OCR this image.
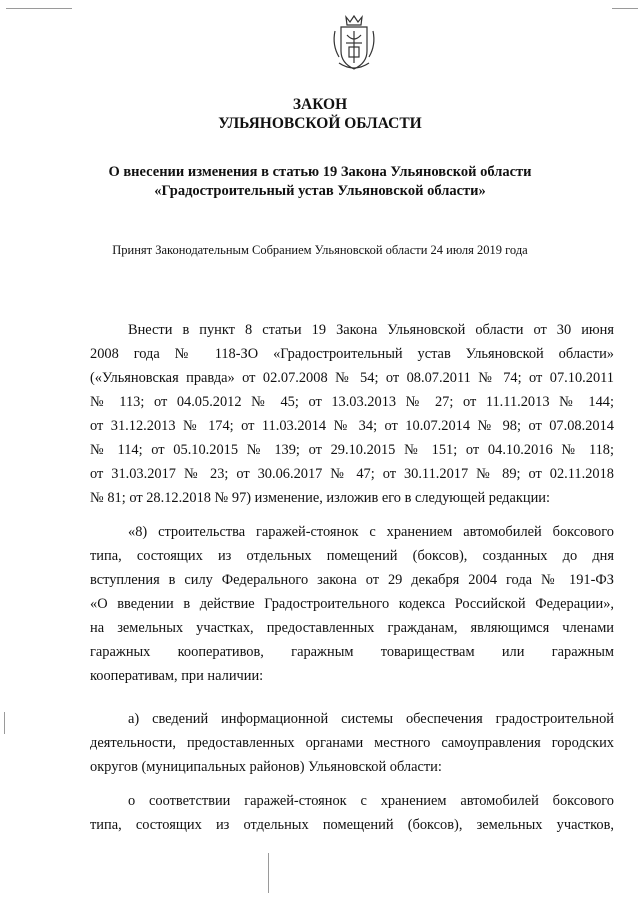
ЗАКОН
УЛЬЯНОВСКОЙ ОБЛАСТИ
О внесении изменения в статью 19 Закона Ульяновской области
«Градостроительный устав Ульяновской области»
Принят Законодательным Собранием Ульяновской области 24 июля 2019 года
Внести в пункт 8 статьи 19 Закона Ульяновской области от 30 июня
2008 года № 118-ЗО «Градостроительный устав Ульяновской области»
(«Ульяновская правда» от 02.07.2008 № 54; от 08.07.2011 № 74; от 07.10.2011
№ 113; от 04.05.2012 № 45; от 13.03.2013 № 27; от 11.11.2013 № 144;
от 31.12.2013 № 174; от 11.03.2014 № 34; от 10.07.2014 № 98; от 07.08.2014
№ 114; от 05.10.2015 № 139; от 29.10.2015 № 151; от 04.10.2016 № 118;
от 31.03.2017 № 23; от 30.06.2017 № 47; от 30.11.2017 № 89; от 02.11.2018
№ 81; от 28.12.2018 № 97) изменение, изложив его в следующей редакции:
«8) строительства гаражей-стоянок с хранением автомобилей боксового
типа, состоящих из отдельных помещений (боксов), созданных до дня
вступления в силу Федерального закона от 29 декабря 2004 года № 191-ФЗ
«О введении в действие Градостроительного кодекса Российской Федерации»,
на земельных участках, предоставленных гражданам, являющимся членами
гаражных кооперативов, гаражным товариществам или гаражным
кооперативам, при наличии:
а) сведений информационной системы обеспечения градостроительной
деятельности, предоставленных органами местного самоуправления городских
округов (муниципальных районов) Ульяновской области:
о соответствии гаражей-стоянок с хранением автомобилей боксового
типа, состоящих из отдельных помещений (боксов), земельных участков,
